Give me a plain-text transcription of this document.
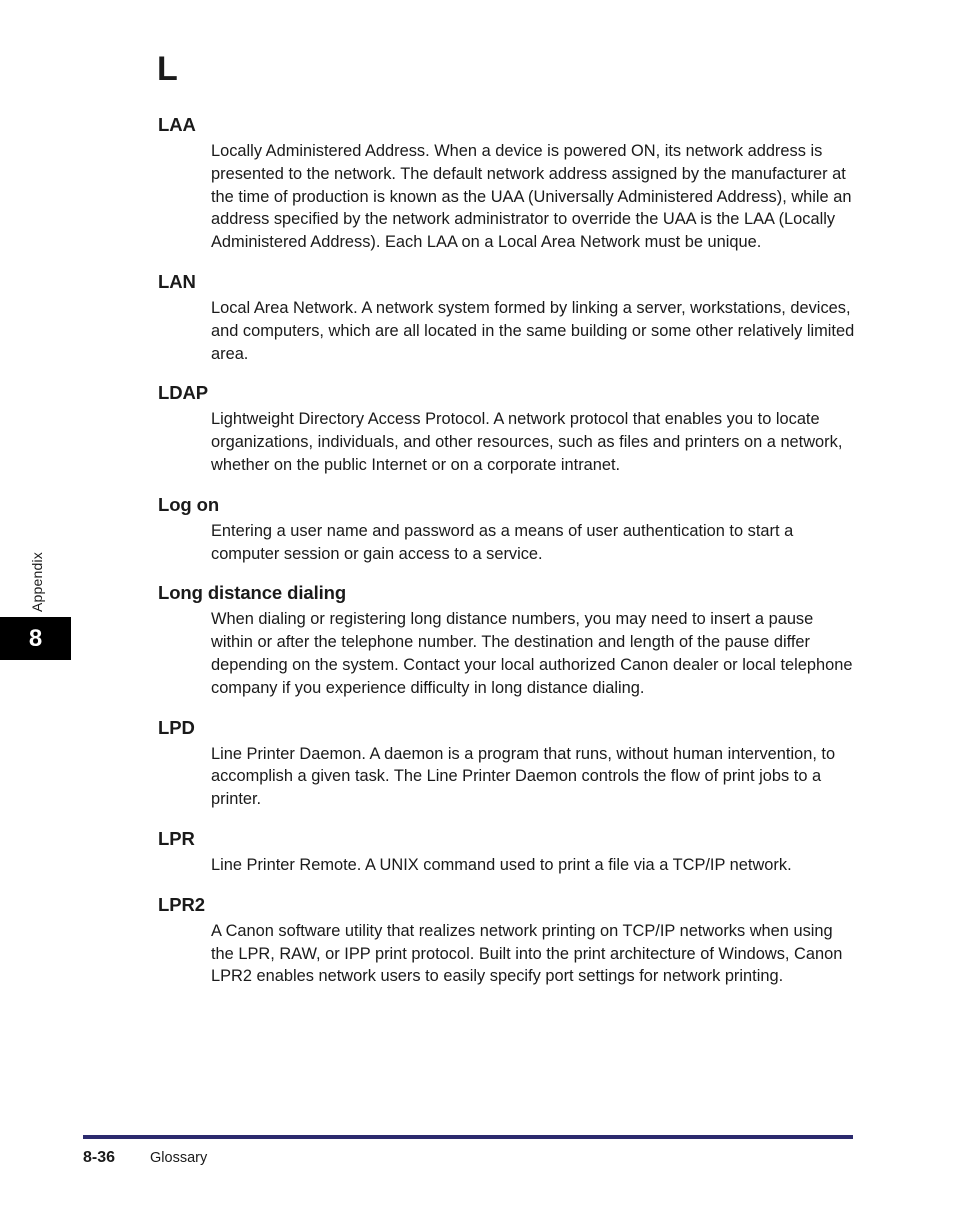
L
LAA

Locally Administered Address. When a device is powered ON, its network address is presented to the network. The default network address assigned by the manufacturer at the time of production is known as the UAA (Universally Administered Address), while an address specified by the network administrator to override the UAA is the LAA (Locally Administered Address). Each LAA on a Local Area Network must be unique.

LAN

Local Area Network. A network system formed by linking a server, workstations, devices, and computers, which are all located in the same building or some other relatively limited area.

LDAP

Lightweight Directory Access Protocol. A network protocol that enables you to locate organizations, individuals, and other resources, such as files and printers on a network, whether on the public Internet or on a corporate intranet.

Log on

Entering a user name and password as a means of user authentication to start a computer session or gain access to a service.

Long distance dialing

When dialing or registering long distance numbers, you may need to insert a pause within or after the telephone number. The destination and length of the pause differ depending on the system. Contact your local authorized Canon dealer or local telephone company if you experience difficulty in long distance dialing.

LPD

Line Printer Daemon. A daemon is a program that runs, without human intervention, to accomplish a given task. The Line Printer Daemon controls the flow of print jobs to a printer.

LPR

Line Printer Remote. A UNIX command used to print a file via a TCP/IP network.

LPR2

A Canon software utility that realizes network printing on TCP/IP networks when using the LPR, RAW, or IPP print protocol. Built into the print architecture of Windows, Canon LPR2 enables network users to easily specify port settings for network printing.

Appendix
8
8-36 Glossary
